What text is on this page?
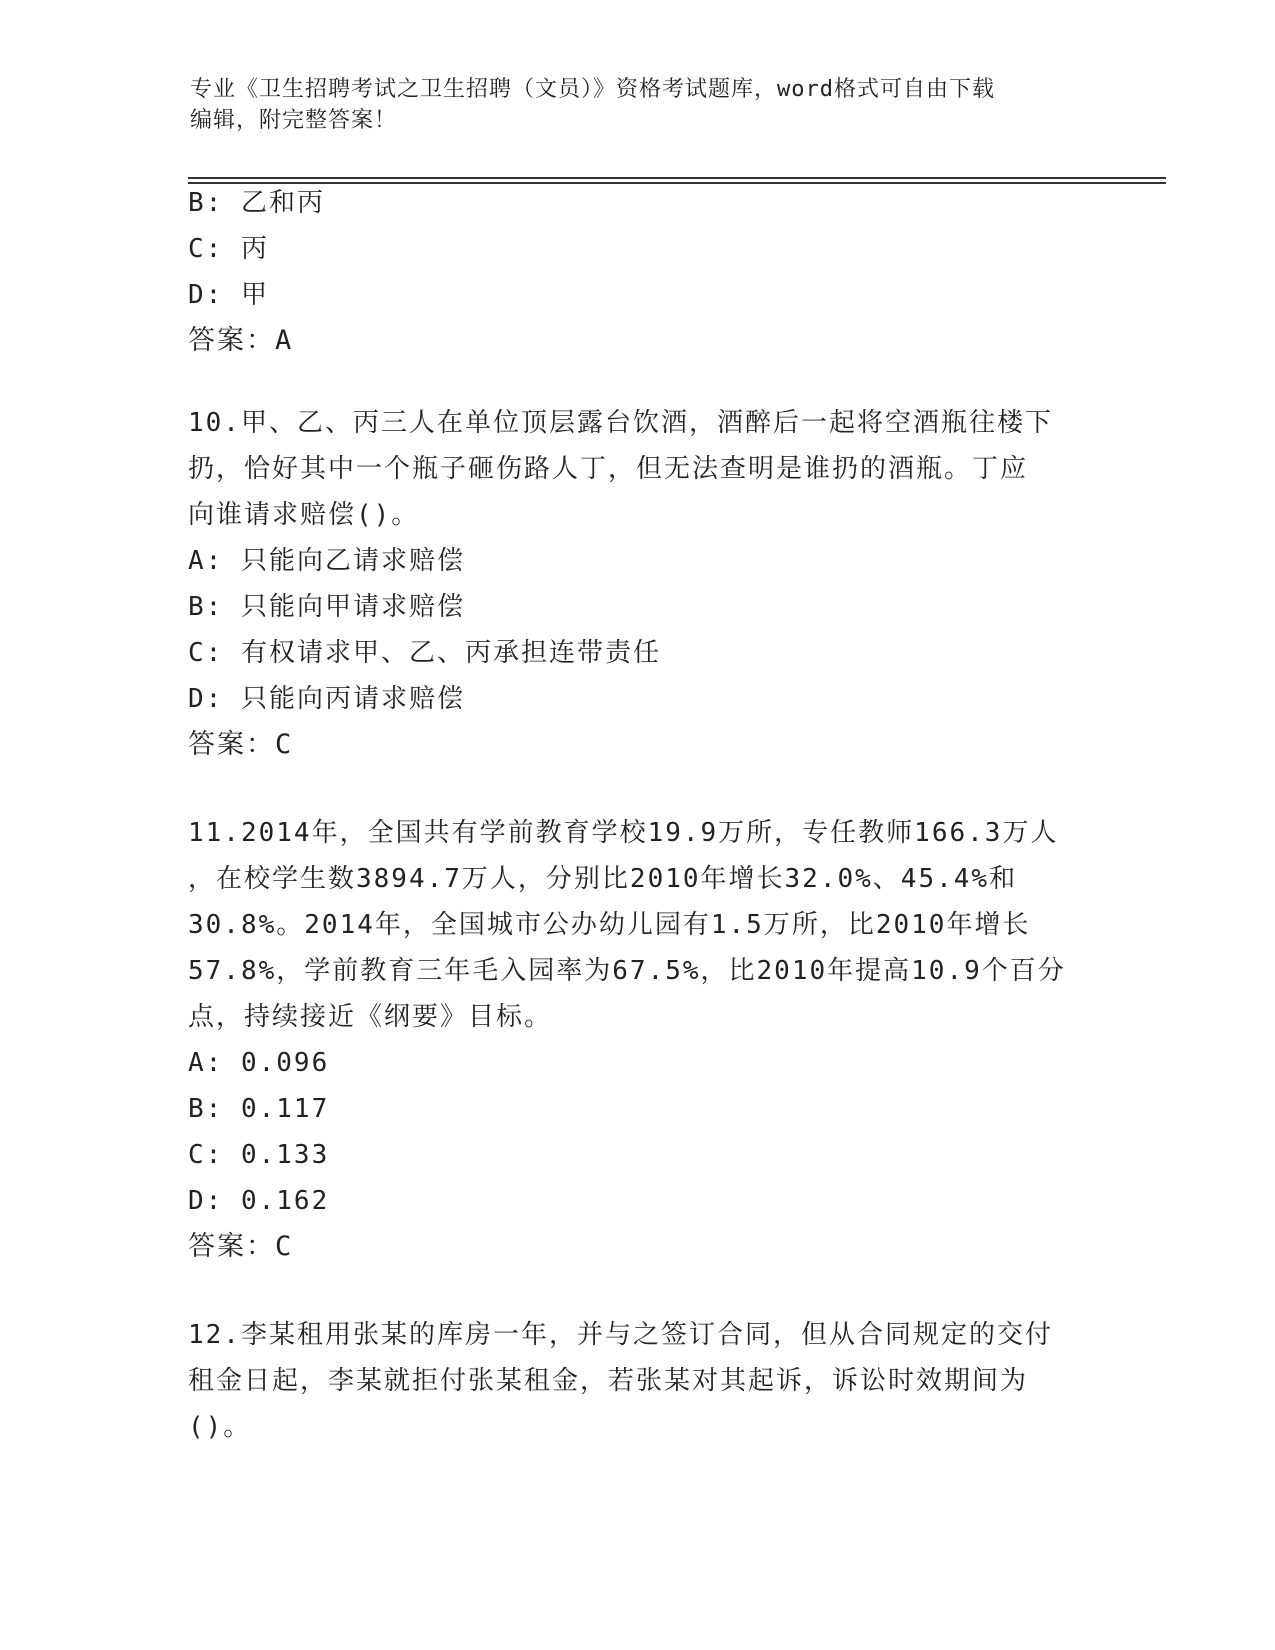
专业《卫生招聘考试之卫生招聘（文员）》资格考试题库，word格式可自由下载
编辑，附完整答案！
B: 乙和丙
C: 丙
D: 甲
答案：A
10.甲、乙、丙三人在单位顶层露台饮酒，酒醉后一起将空酒瓶往楼下
扔，恰好其中一个瓶子砸伤路人丁，但无法查明是谁扔的酒瓶。丁应
向谁请求赔偿()。
A: 只能向乙请求赔偿
B: 只能向甲请求赔偿
C: 有权请求甲、乙、丙承担连带责任
D: 只能向丙请求赔偿
答案：C
11.2014年，全国共有学前教育学校19.9万所，专任教师166.3万人
，在校学生数3894.7万人，分别比2010年增长32.0%、45.4%和
30.8%。2014年，全国城市公办幼儿园有1.5万所，比2010年增长
57.8%，学前教育三年毛入园率为67.5%，比2010年提高10.9个百分
点，持续接近《纲要》目标。
A: 0.096
B: 0.117
C: 0.133
D: 0.162
答案：C
12.李某租用张某的库房一年，并与之签订合同，但从合同规定的交付
租金日起，李某就拒付张某租金，若张某对其起诉，诉讼时效期间为
()。
